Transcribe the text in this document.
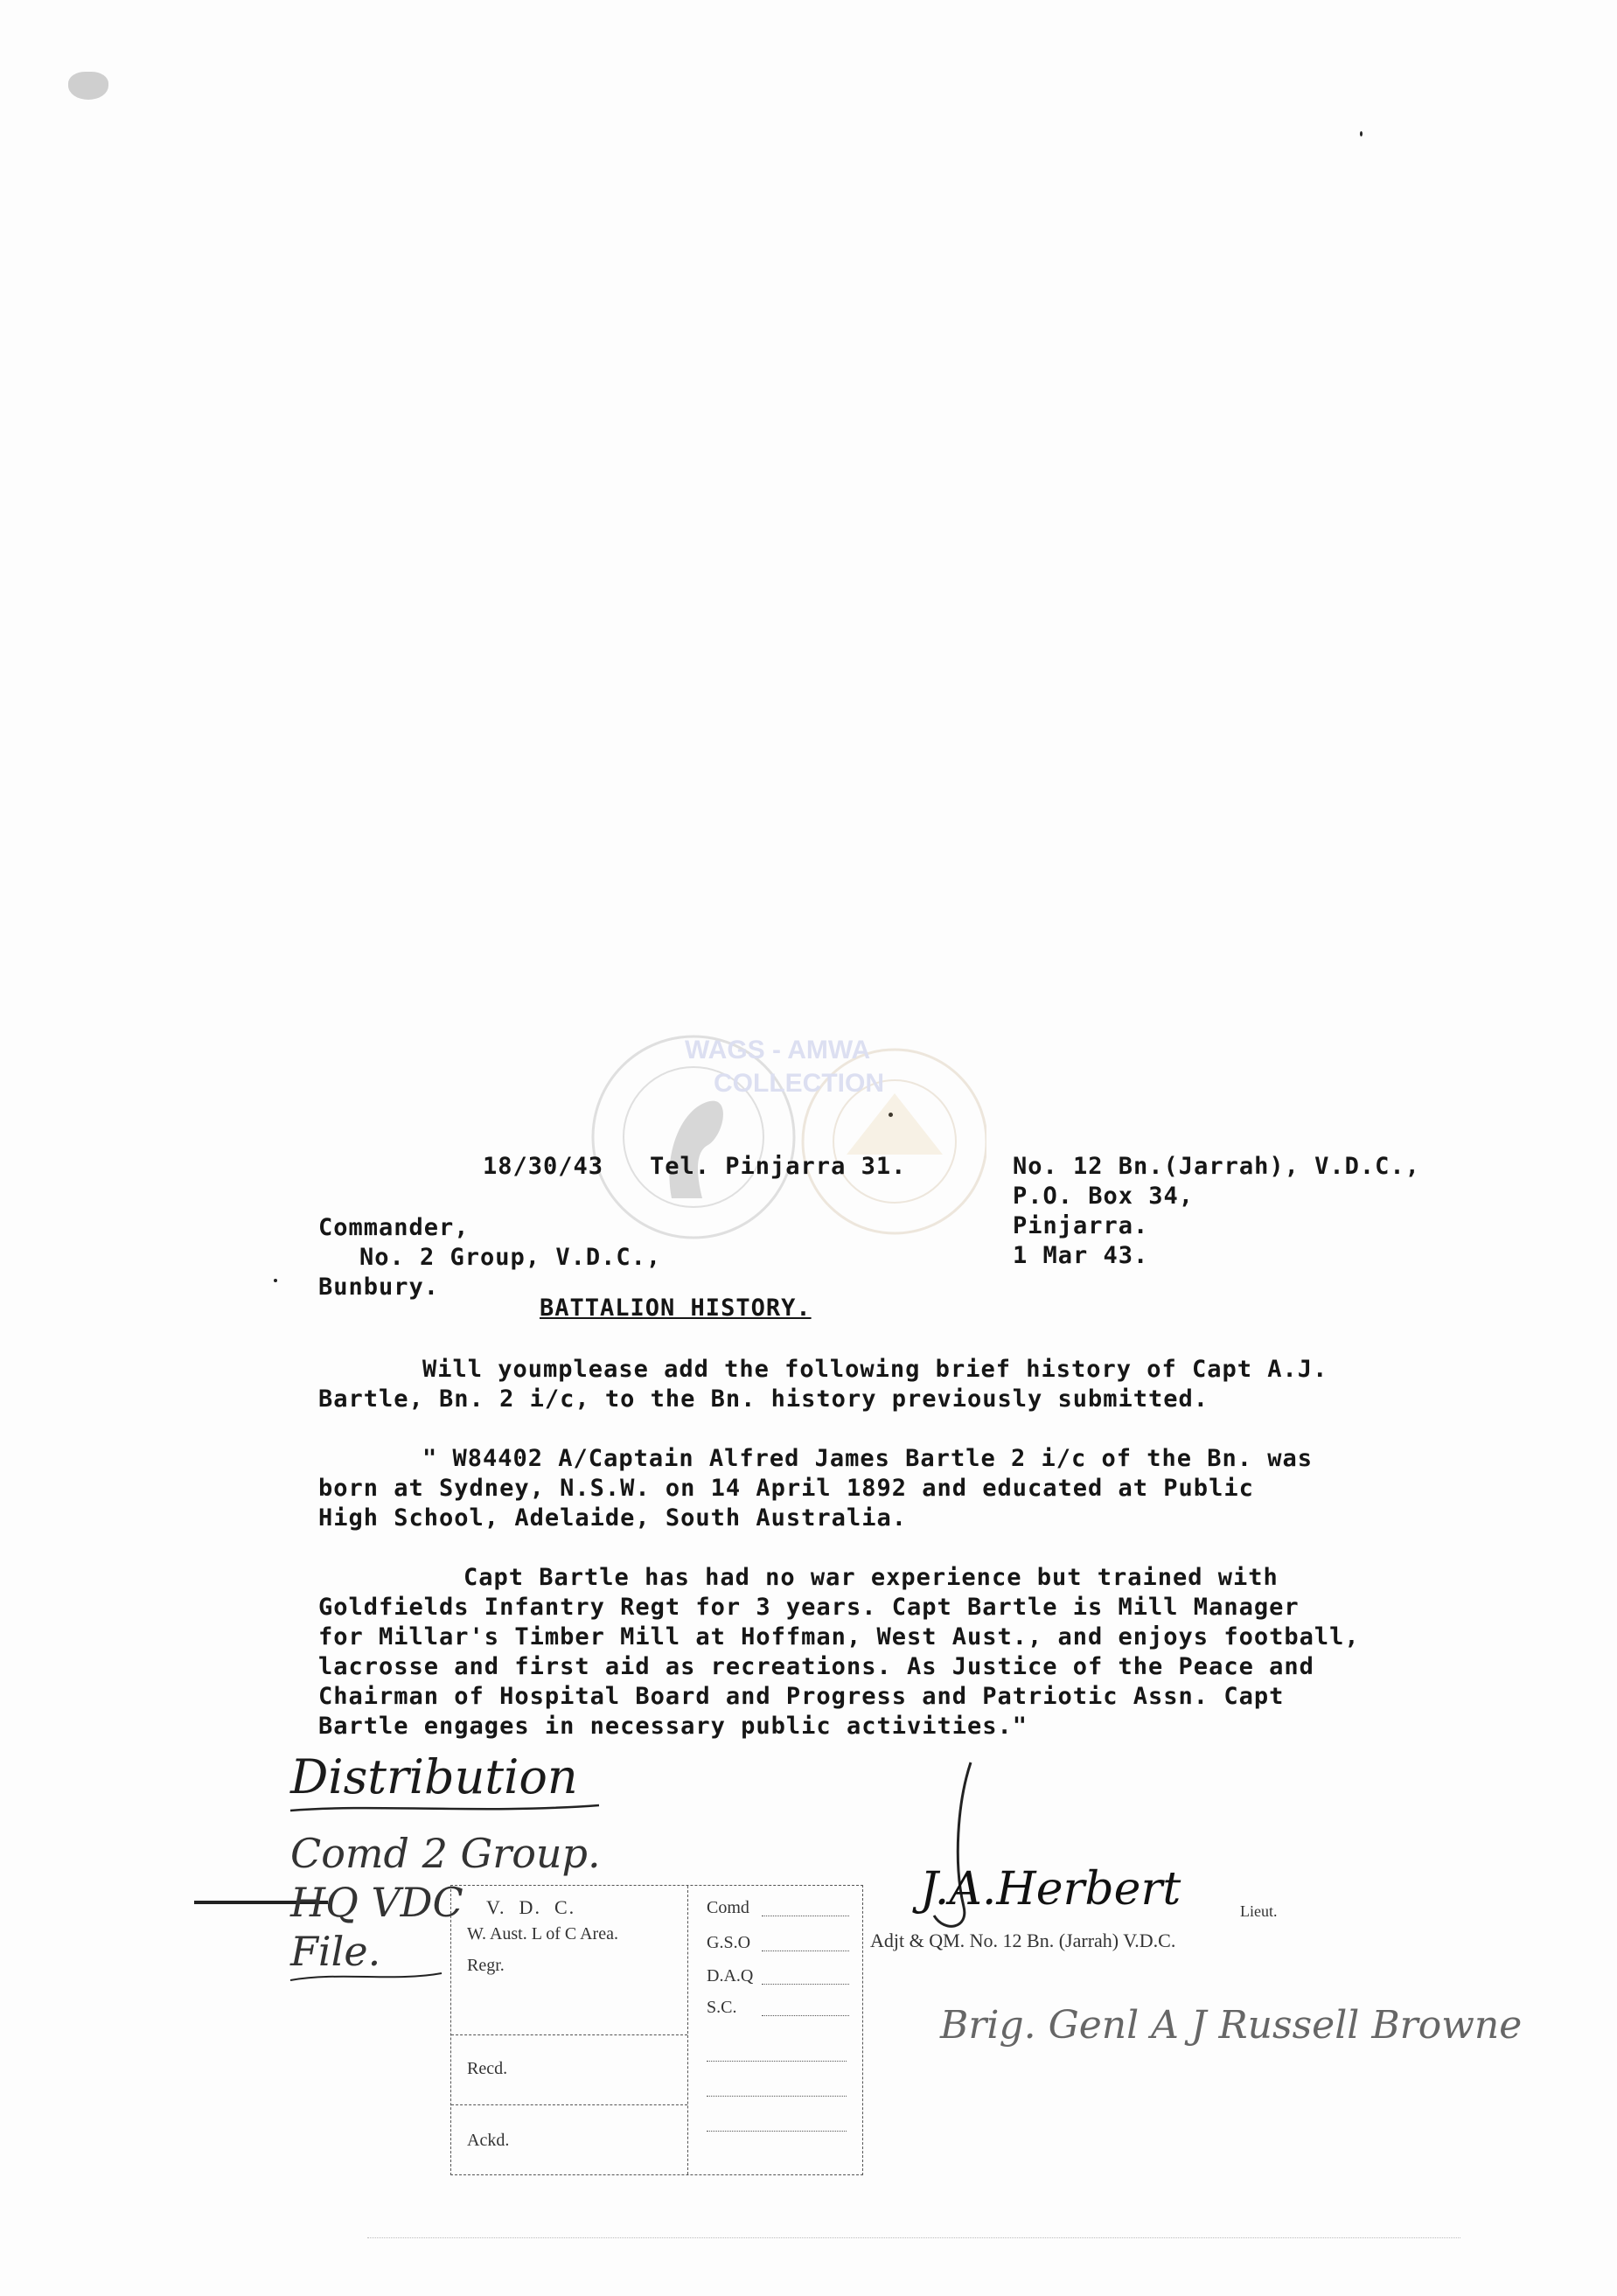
WAGS - AMWA
COLLECTION
18/30/43 Tel. Pinjarra 31.	No. 12 Bn.(Jarrah), V.D.C.,
P.O. Box 34,
Pinjarra.
1 Mar 43.
Commander,
No. 2 Group, V.D.C.,
Bunbury.
BATTALION HISTORY.
Will youmplease add the following brief history of Capt A.J.
Bartle, Bn. 2 i/c, to the Bn. history previously submitted.
" W84402 A/Captain Alfred James Bartle 2 i/c of the Bn. was
born at Sydney, N.S.W. on 14 April 1892 and educated at Public
High School, Adelaide, South Australia.
Capt Bartle has had no war experience but trained with
Goldfields Infantry Regt for 3 years. Capt Bartle is Mill Manager
for Millar's Timber Mill at Hoffman, West Aust., and enjoys football,
lacrosse and first aid as recreations. As Justice of the Peace and
Chairman of Hospital Board and Progress and Patriotic Assn. Capt
Bartle engages in necessary public activities."
Distribution
Comd 2 Group.
HQ VDC
File.
J.A.Herbert	Lieut.
Adjt & QM. No. 12 Bn. (Jarrah) V.D.C.
Brig. Genl A J Russell Browne
V.  D.  C.
W. Aust. L of C Area.
Regr.
Recd.
Ackd.
Comd
G.S.O
D.A.Q
S.C.
